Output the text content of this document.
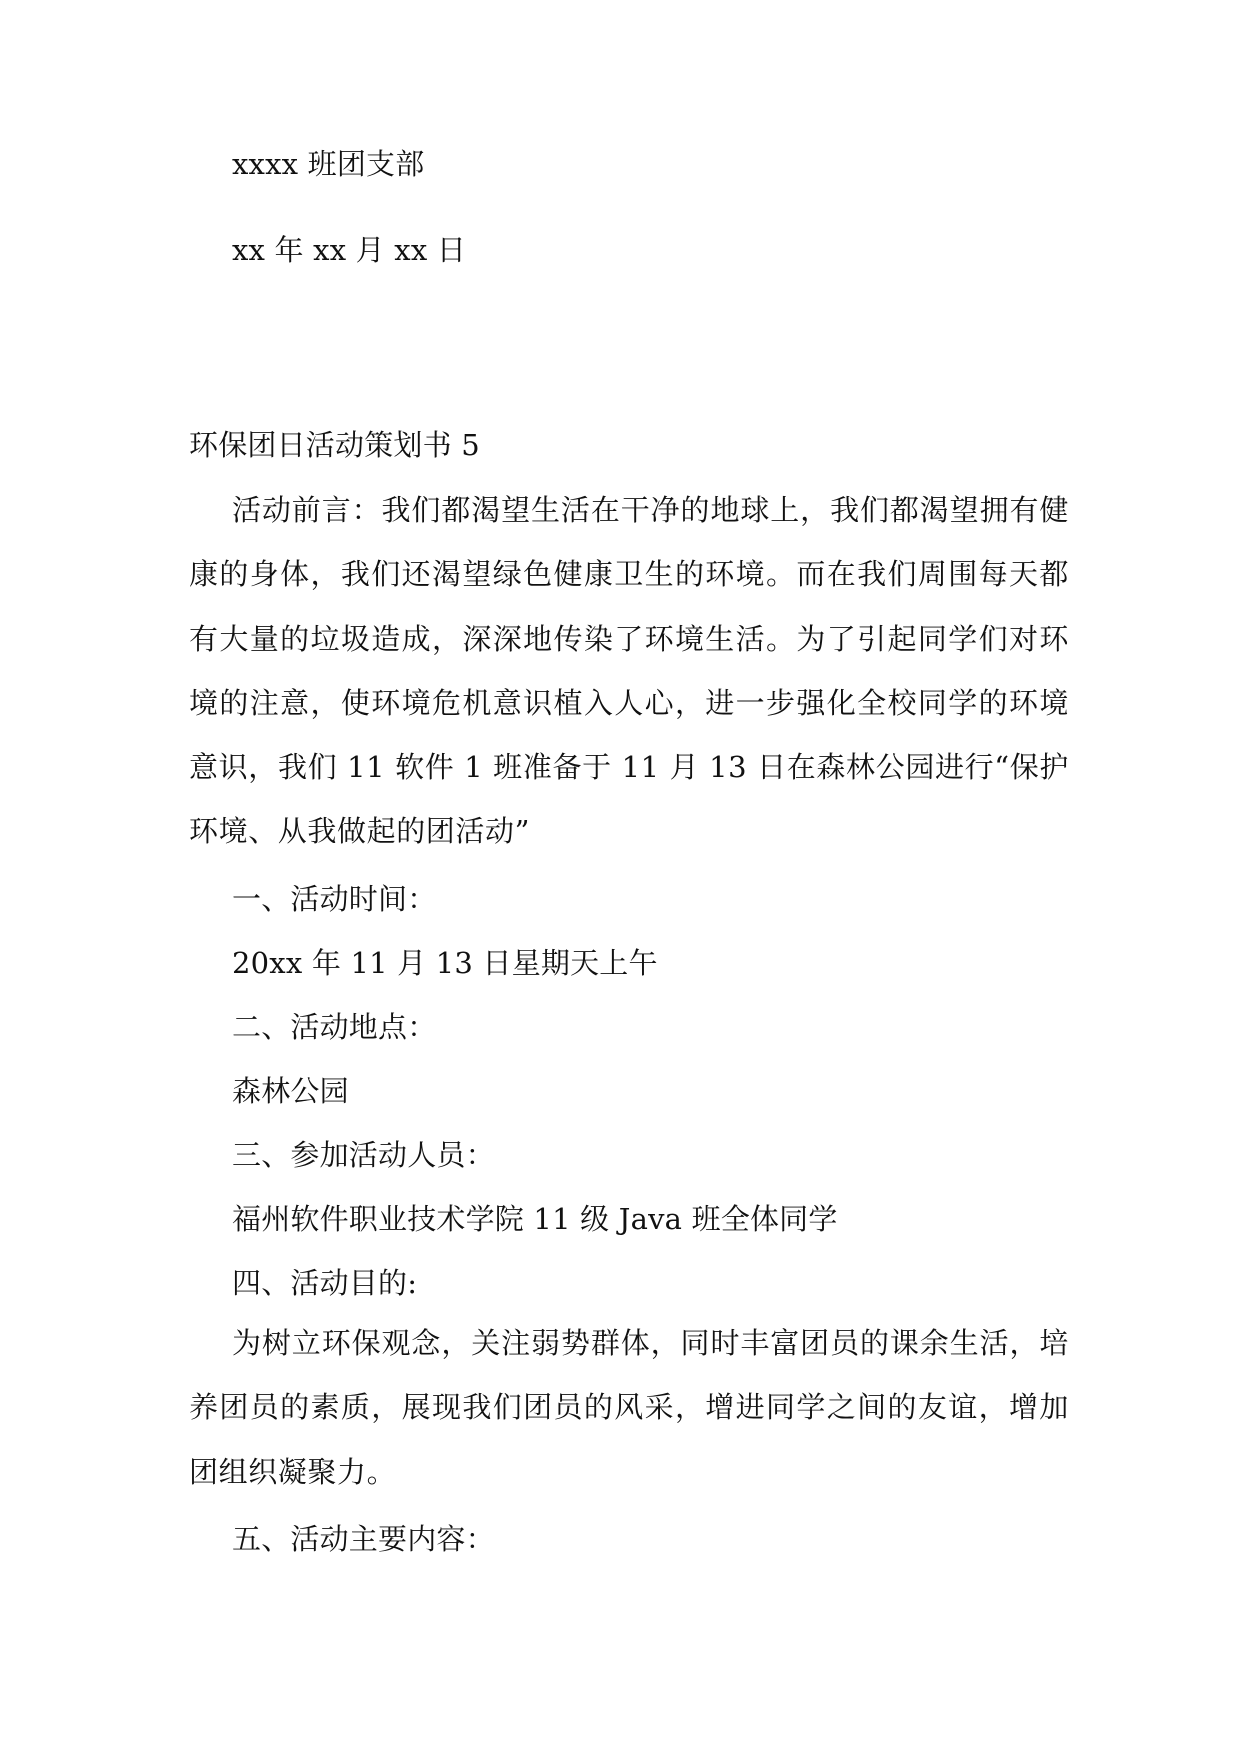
xxxx 班团支部
xx 年 xx 月 xx 日
环保团日活动策划书 5
活动前言：我们都渴望生活在干净的地球上，我们都渴望拥有健康的身体，我们还渴望绿色健康卫生的环境。而在我们周围每天都有大量的垃圾造成，深深地传染了环境生活。为了引起同学们对环境的注意，使环境危机意识植入人心，进一步强化全校同学的环境意识，我们 11 软件 1 班准备于 11 月 13 日在森林公园进行“保护环境、从我做起的团活动”
一、活动时间：
20xx 年 11 月 13 日星期天上午
二、活动地点：
森林公园
三、参加活动人员：
福州软件职业技术学院 11 级 Java 班全体同学
四、活动目的:
为树立环保观念，关注弱势群体，同时丰富团员的课余生活，培养团员的素质，展现我们团员的风采，增进同学之间的友谊，增加团组织凝聚力。
五、活动主要内容：
